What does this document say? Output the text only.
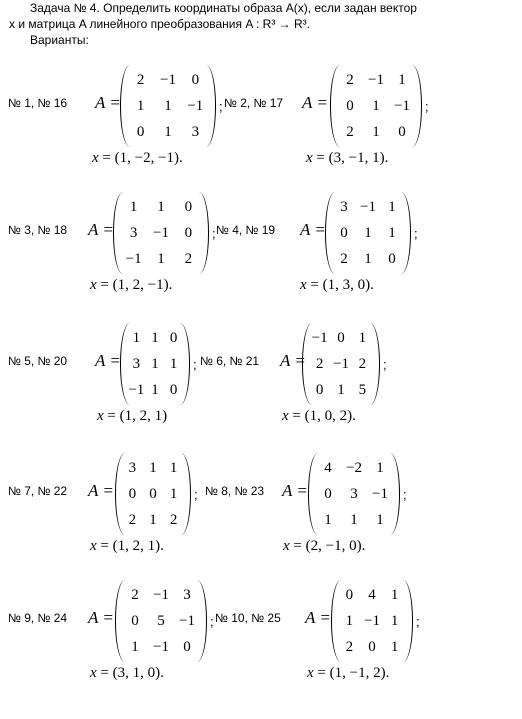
Задача № 4. Определить координаты образа A(x), если задан вектор
x и матрица A линейного преобразования A : R³ → R³.
Варианты:
№ 1, № 16 A =
2	−1	0
1	1	−1
0	1	3
;
x = (1, −2, −1).
№ 2, № 17 A =
2 −1 1
0	1 −1
2	1	0
;
x = (3, −1, 1).
№ 3, № 18 A =
1	1	0
3	−1	0
−1	1	2
;
x = (1, 2, −1).
№ 4, № 19 A =
3 −1 1
0	1	1
2	1	0
;
x = (1, 3, 0).
№ 5, № 20 A =
1 1 0
3 1 1
−1 1 0
;
x = (1, 2, 1)
№ 6, № 21 A =
−1 0 1
2 −1 2
0 1 5
;
x = (1, 0, 2).
№ 7, № 22 A =
3 1 1
0 0 1
2 1 2
;
x = (1, 2, 1).
№ 8, № 23 A =
4 −2 1
0	3 −1
1	1	1
;
x = (2, −1, 0).
№ 9, № 24 A =
2 −1 3
0	5 −1
1 −1 0
;
x = (3, 1, 0).
№ 10, № 25 A =
0	4	1
1 −1 1
2	0	1
;
x = (1, −1, 2).
